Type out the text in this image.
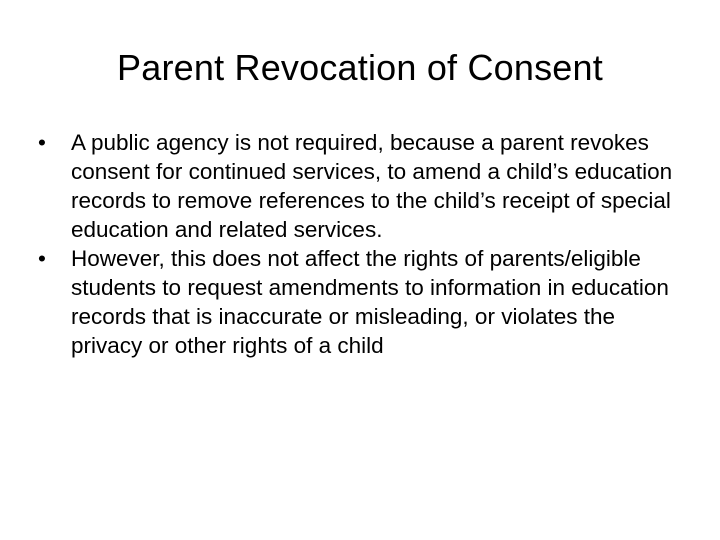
Parent Revocation of Consent
•	A public agency is not required, because a parent revokes consent for continued services, to amend a child’s education records to remove references to the child’s receipt of special education and related services.
•	However, this does not affect the rights of parents/eligible students to request amendments to information in education records that is inaccurate or misleading, or violates the privacy or other rights of a child
